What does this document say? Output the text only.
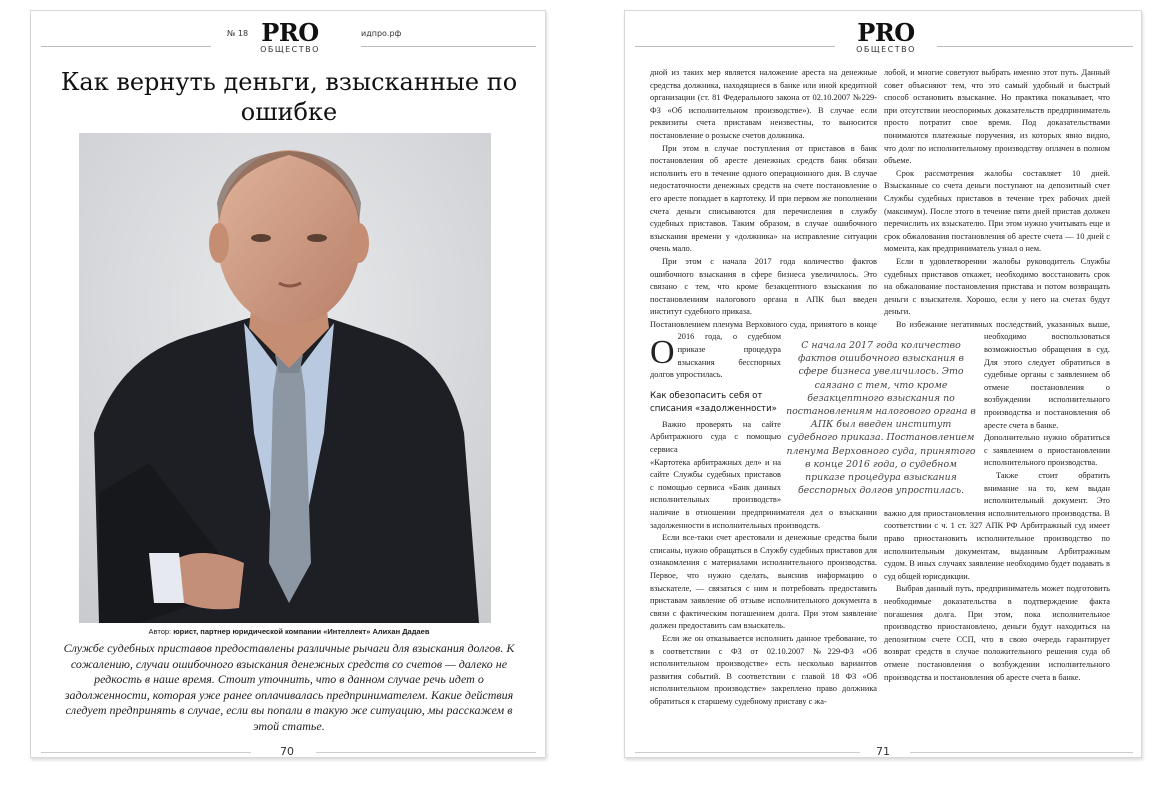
№ 18 PRO
ОБЩЕСТВО
идпро.рф
Как вернуть деньги, взысканные по ошибке
Автор: юрист, партнер юридической компании «Интеллект» Алихан Дадаев

Службе судебных приставов предоставлены различные рычаги для взыскания долгов. К сожалению, случаи ошибочного взыскания денежных средств со счетов — далеко не редкость в наше время. Стоит уточнить, что в данном случае речь идет о задолженности, которая уже ранее оплачивалась предпринимателем. Какие действия следует предпринять в случае, если вы попали в такую же ситуацию, мы расскажем в этой статье.

70
PRO
ОБЩЕСТВО

О
дной из таких мер является наложение ареста на денежные средства должника, находящиеся в банке или иной кредитной организации (ст. 81 Федерального закона от 02.10.2007 №229-ФЗ «Об исполнительном производстве»). В случае если реквизиты счета приставам неизвестны, то выносится постановление о розыске счетов должника.

При этом в случае поступления от приставов в банк постановления об аресте денежных средств банк обязан исполнить его в течение одного операционного дня. В случае недостаточности денежных средств на счете постановление о его аресте попадает в картотеку. И при первом же пополнении счета деньги списываются для перечисления в службу судебных приставов. Таким образом, в случае ошибочного взыскания времени у «должника» на исправление ситуации очень мало.

При этом с начала 2017 года количество фактов ошибочного взыскания в сфере бизнеса увеличилось. Это связано с тем, что кроме безакцептного взыскания по постановлениям налогового органа в АПК был введен институт судебного приказа.

Постановлением пленума Верховного суда, принятого в конце 2016 года, о судебном приказе процедура взыскания бесспорных долгов упростилась.

Как обезопасить себя от списания «задолженности»

Важно проверять на сайте Арбитражного суда с помощью сервиса

«Картотека арбитражных дел» и на сайте Службы судебных приставов с помощью сервиса «Банк данных исполнительных производств» наличие в отношении предпринимателя дел о взыскании задолженности в исполнительных производств.

Если все-таки счет арестовали и денежные средства были списаны, нужно обращаться в Службу судебных приставов для ознакомления с материалами исполнительного производства. Первое, что нужно сделать, выяснив информацию о взыскателе, — связаться с ним и потребовать предоставить приставам заявление об отзыве исполнительного документа в связи с фактическим погашением долга. При этом заявление должен предоставить сам взыскатель.

Если же он отказывается исполнить данное требование, то в соответствии с ФЗ от 02.10.2007 №229-ФЗ «Об исполнительном производстве» есть несколько вариантов развития событий. В соответствии с главой 18 ФЗ «Об исполнительном производстве» закреплено право должника обратиться к старшему судебному приставу с жа-

С начала 2017 года количество фактов ошибочного взыскания в сфере бизнеса увеличилось. Это саязано с тем, что кроме безакцептного взыскания по постановлениям налогового органа в АПК был введен институт судебного приказа. Постановлением пленума Верховного суда, принятого в конце 2016 года, о судебном приказе процедура взыскания бесспорных долгов упростилась.

лобой, и многие советуют выбрать именно этот путь. Данный совет объясняют тем, что это самый удобный и быстрый способ остановить взыскание. Но практика показывает, что при отсутствии неоспоримых доказательств предприниматель просто потратит свое время. Под доказательствами понимаются платежные поручения, из которых явно видно, что долг по исполнительному производству оплачен в полном объеме.

Срок рассмотрения жалобы составляет 10 дней. Взысканные со счета деньги поступают на депозитный счет Службы судебных приставов в течение трех рабочих дней (максимум). После этого в течение пяти дней пристав должен перечислить их взыскателю. При этом нужно учитывать еще и срок обжалования постановления об аресте счета — 10 дней с момента, как предприниматель узнал о нем.

Если в удовлетворении жалобы руководитель Службы судебных приставов откажет, необходимо восстановить срок на обжалование постановления пристава и потом возвращать деньги с взыскателя. Хорошо, если у него на счетах будут деньги.

Во избежание негативных последствий, указанных выше, необходимо воспользоваться возможностью обращения в суд. Для этого следует обратиться в судебные органы с заявлением об отмене постановления о возбуждении исполнительного производства и постановления об аресте счета в банке.

Дополнительно нужно обратиться с заявлением о приостановлении исполнительного производства.

Также стоит обратить внимание на то, кем выдан исполнительный документ. Это важно для приостановления исполнительного производства. В соответствии с ч. 1 ст. 327 АПК РФ Арбитражный суд имеет право приостановить исполнительное производство по исполнительным документам, выданным Арбитражным судом. В иных случаях заявление необходимо будет подавать в суд общей юрисдикции.

Выбрав данный путь, предприниматель может подготовить необходимые доказательства в подтверждение факта погашения долга. При этом, пока исполнительное производство приостановлено, деньги будут находиться на депозитном счете ССП, что в свою очередь гарантирует возврат средств в случае положительного решения суда об отмене постановления о возбуждении исполнительного производства и постановления об аресте счета в банке.

71
